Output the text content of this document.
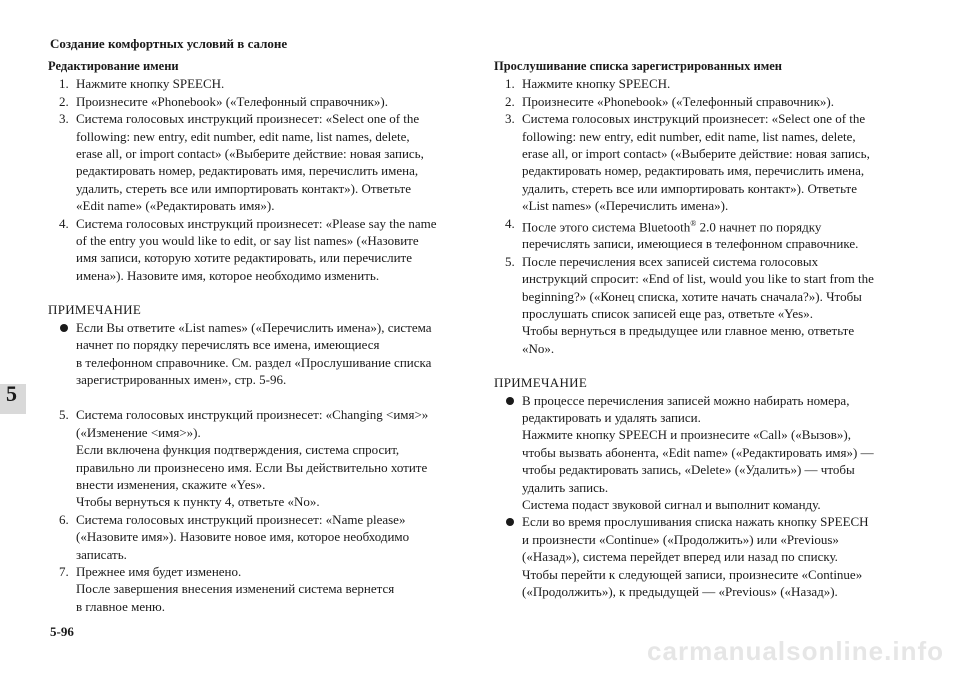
Создание комфортных условий в салоне

Редактирование имени

1. Нажмите кнопку SPEECH.
2. Произнесите «Phonebook» («Телефонный справочник»).
3. Система голосовых инструкций произнесет: «Select one of the
following: new entry, edit number, edit name, list names, delete,
erase all, or import contact» («Выберите действие: новая запись,
редактировать номер, редактировать имя, перечислить имена,
удалить, стереть все или импортировать контакт»). Ответьте
«Edit name» («Редактировать имя»).
4. Система голосовых инструкций произнесет: «Please say the name
of the entry you would like to edit, or say list names» («Назовите
имя записи, которую хотите редактировать, или перечислите
имена»). Назовите имя, которое необходимо изменить.

ПРИМЕЧАНИЕ

Если Вы ответите «List names» («Перечислить имена»), система
начнет по порядку перечислять все имена, имеющиеся
в телефонном справочнике. См. раздел «Прослушивание списка
зарегистрированных имен», стр. 5-96.
5. Система голосовых инструкций произнесет: «Changing <имя>»
(«Изменение <имя>»).
Если включена функция подтверждения, система спросит,
правильно ли произнесено имя. Если Вы действительно хотите
внести изменения, скажите «Yes».
Чтобы вернуться к пункту 4, ответьте «No».
6. Система голосовых инструкций произнесет: «Name please»
(«Назовите имя»). Назовите новое имя, которое необходимо
записать.
7. Прежнее имя будет изменено.
После завершения внесения изменений система вернется
в главное меню.

Прослушивание списка зарегистрированных имен

1. Нажмите кнопку SPEECH.
2. Произнесите «Phonebook» («Телефонный справочник»).
3. Система голосовых инструкций произнесет: «Select one of the
following: new entry, edit number, edit name, list names, delete,
erase all, or import contact» («Выберите действие: новая запись,
редактировать номер, редактировать имя, перечислить имена,
удалить, стереть все или импортировать контакт»). Ответьте
«List names» («Перечислить имена»).
4. После этого система Bluetooth® 2.0 начнет по порядку
перечислять записи, имеющиеся в телефонном справочнике.
5. После перечисления всех записей система голосовых
инструкций спросит: «End of list, would you like to start from the
beginning?» («Конец списка, хотите начать сначала?»). Чтобы
прослушать список записей еще раз, ответьте «Yes».
Чтобы вернуться в предыдущее или главное меню, ответьте
«No».

ПРИМЕЧАНИЕ

В процессе перечисления записей можно набирать номера,
редактировать и удалять записи.
Нажмите кнопку SPEECH и произнесите «Call» («Вызов»),
чтобы вызвать абонента, «Edit name» («Редактировать имя») —
чтобы редактировать запись, «Delete» («Удалить») — чтобы
удалить запись.
Система подаст звуковой сигнал и выполнит команду.
Если во время прослушивания списка нажать кнопку SPEECH
и произнести «Continue» («Продолжить») или «Previous»
(«Назад»), система перейдет вперед или назад по списку.
Чтобы перейти к следующей записи, произнесите «Continue»
(«Продолжить»), к предыдущей — «Previous» («Назад»).
5
5-96
carmanualsonline.info
